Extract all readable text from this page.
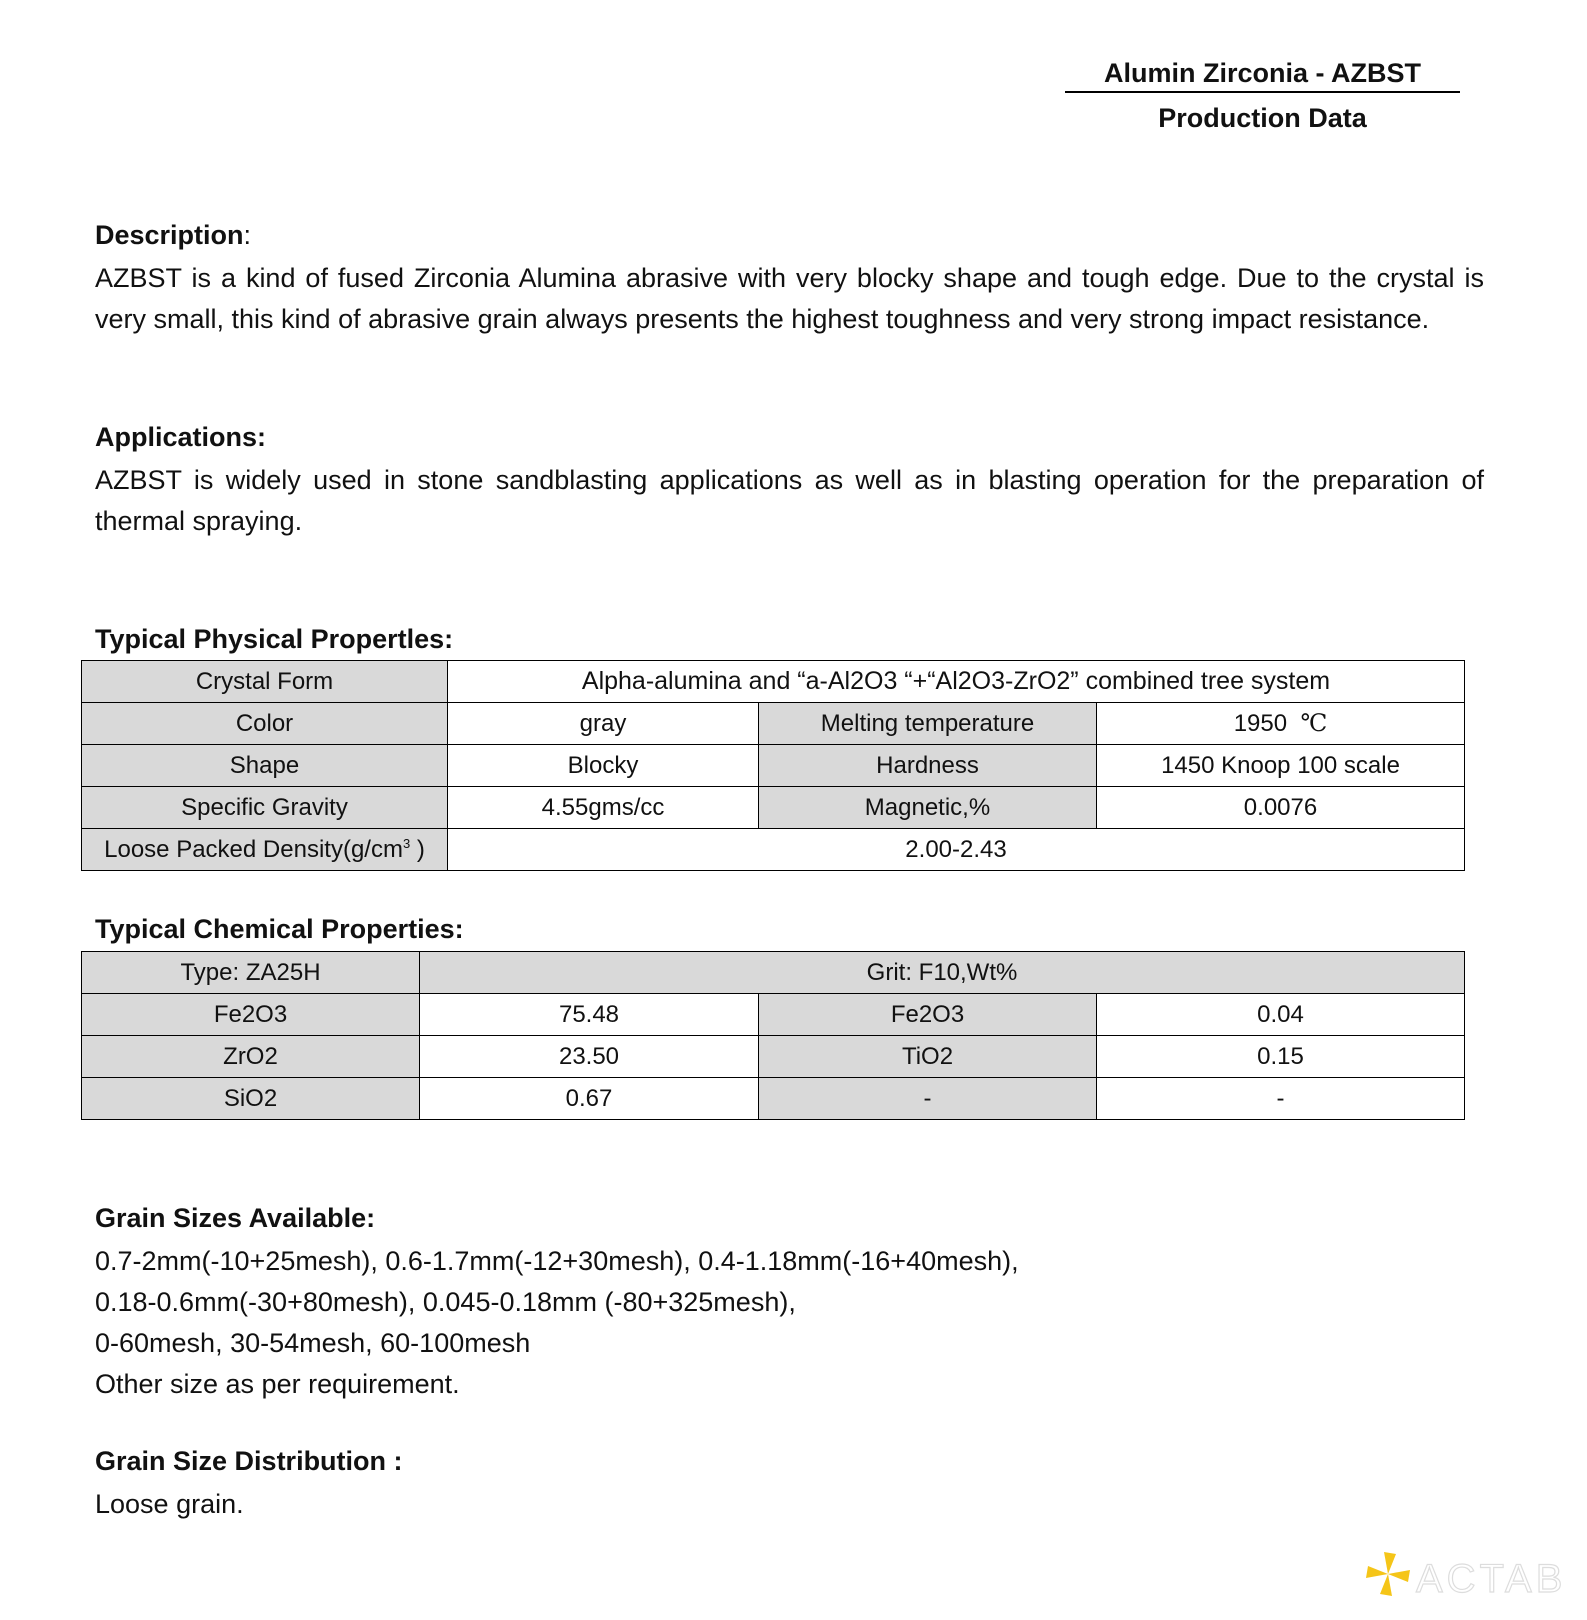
Alumin Zirconia - AZBST
Production Data
Description:
AZBST is a kind of fused Zirconia Alumina abrasive with very blocky shape and tough edge. Due to the crystal is very small, this kind of abrasive grain always presents the highest toughness and very strong impact resistance.
Applications:
AZBST is widely used in stone sandblasting applications as well as in blasting operation for the preparation of thermal spraying.
Typical Physical Propertles:
Crystal Form	Alpha-alumina and “a-Al2O3 “+“Al2O3-ZrO2” combined tree system		
Color	gray	Melting temperature	1950 ℃
Shape	Blocky	Hardness	1450 Knoop 100 scale
Specific Gravity	4.55gms/cc	Magnetic,%	0.0076
Loose Packed $Density(g/cm^3$ )	2.00-2.43		
Typical Chemical Properties:
Type: ZA25H	Grit: F10,Wt%		
Fe2O3	75.48	Fe2O3	0.04
ZrO2	23.50	TiO2	0.15
SiO2	0.67	-	-
Grain Sizes Available:
0.7-2mm(-10+25mesh), 0.6-1.7mm(-12+30mesh), 0.4-1.18mm(-16+40mesh),
0.18-0.6mm(-30+80mesh), 0.045-0.18mm (-80+325mesh),
0-60mesh, 30-54mesh, 60-100mesh
Other size as per requirement.
Grain Size Distribution :
Loose grain.
ACTAB
